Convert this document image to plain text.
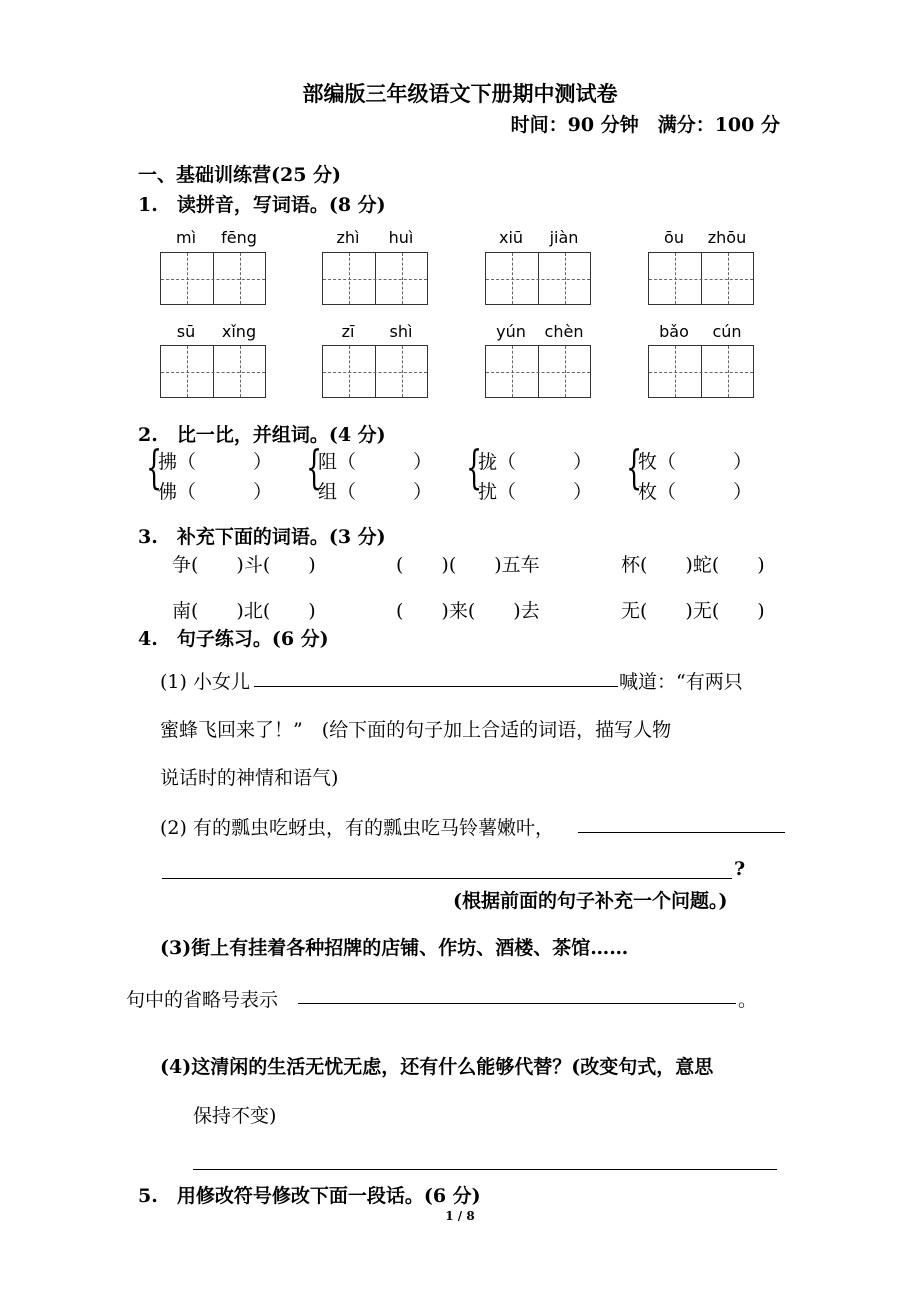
部编版三年级语文下册期中测试卷
时间：90 分钟　满分：100 分
一、基础训练营(25 分)
1.　读拼音，写词语。(8 分)
mì fēng	zhì huì	xiū jiàn	ōu zhōu
sū xǐng	zī shì	yún chèn	bǎo cún
2.　比一比，并组词。(4 分)
{
拂（　　　）
佛（　　　） {
阻（　　　）
组（　　　） {
拢（　　　）
扰（　　　） {
牧（　　　）
枚（　　　）
3.　补充下面的词语。(3 分)
争(　　)斗(　　)	(　　)(　　)五车	杯(　　)蛇(　　)
南(　　)北(　　)	(　　)来(　　)去	无(　　)无(　　)
4.　句子练习。(6 分)
(1) 小女儿	喊道：“有两只
蜜蜂飞回来了！”　(给下面的句子加上合适的词语，描写人物
说话时的神情和语气)
(2) 有的瓢虫吃蚜虫，有的瓢虫吃马铃薯嫩叶，
?
(根据前面的句子补充一个问题。)
(3)街上有挂着各种招牌的店铺、作坊、酒楼、茶馆……
句中的省略号表示	。
(4)这清闲的生活无忧无虑，还有什么能够代替？(改变句式，意思
保持不变)
5.　用修改符号修改下面一段话。(6 分)
1 / 8
